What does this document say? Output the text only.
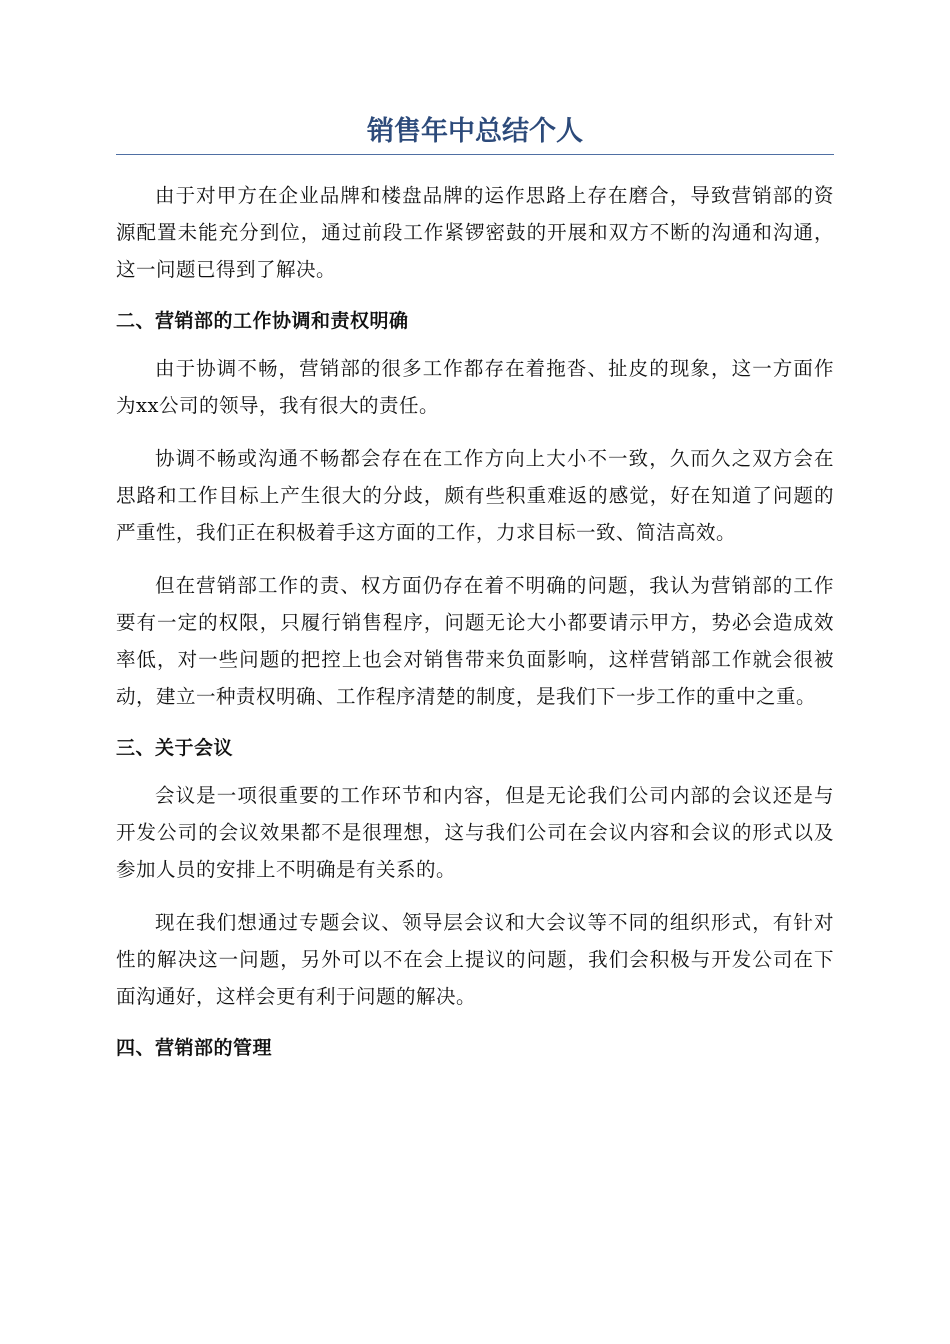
销售年中总结个人

由于对甲方在企业品牌和楼盘品牌的运作思路上存在磨合，导致营销部的资源配置未能充分到位，通过前段工作紧锣密鼓的开展和双方不断的沟通和沟通，这一问题已得到了解决。

二、营销部的工作协调和责权明确

由于协调不畅，营销部的很多工作都存在着拖沓、扯皮的现象，这一方面作为xx公司的领导，我有很大的责任。

协调不畅或沟通不畅都会存在在工作方向上大小不一致，久而久之双方会在思路和工作目标上产生很大的分歧，颇有些积重难返的感觉，好在知道了问题的严重性，我们正在积极着手这方面的工作，力求目标一致、简洁高效。

但在营销部工作的责、权方面仍存在着不明确的问题，我认为营销部的工作要有一定的权限，只履行销售程序，问题无论大小都要请示甲方，势必会造成效率低，对一些问题的把控上也会对销售带来负面影响，这样营销部工作就会很被动，建立一种责权明确、工作程序清楚的制度，是我们下一步工作的重中之重。

三、关于会议

会议是一项很重要的工作环节和内容，但是无论我们公司内部的会议还是与开发公司的会议效果都不是很理想，这与我们公司在会议内容和会议的形式以及参加人员的安排上不明确是有关系的。

现在我们想通过专题会议、领导层会议和大会议等不同的组织形式，有针对性的解决这一问题，另外可以不在会上提议的问题，我们会积极与开发公司在下面沟通好，这样会更有利于问题的解决。

四、营销部的管理
